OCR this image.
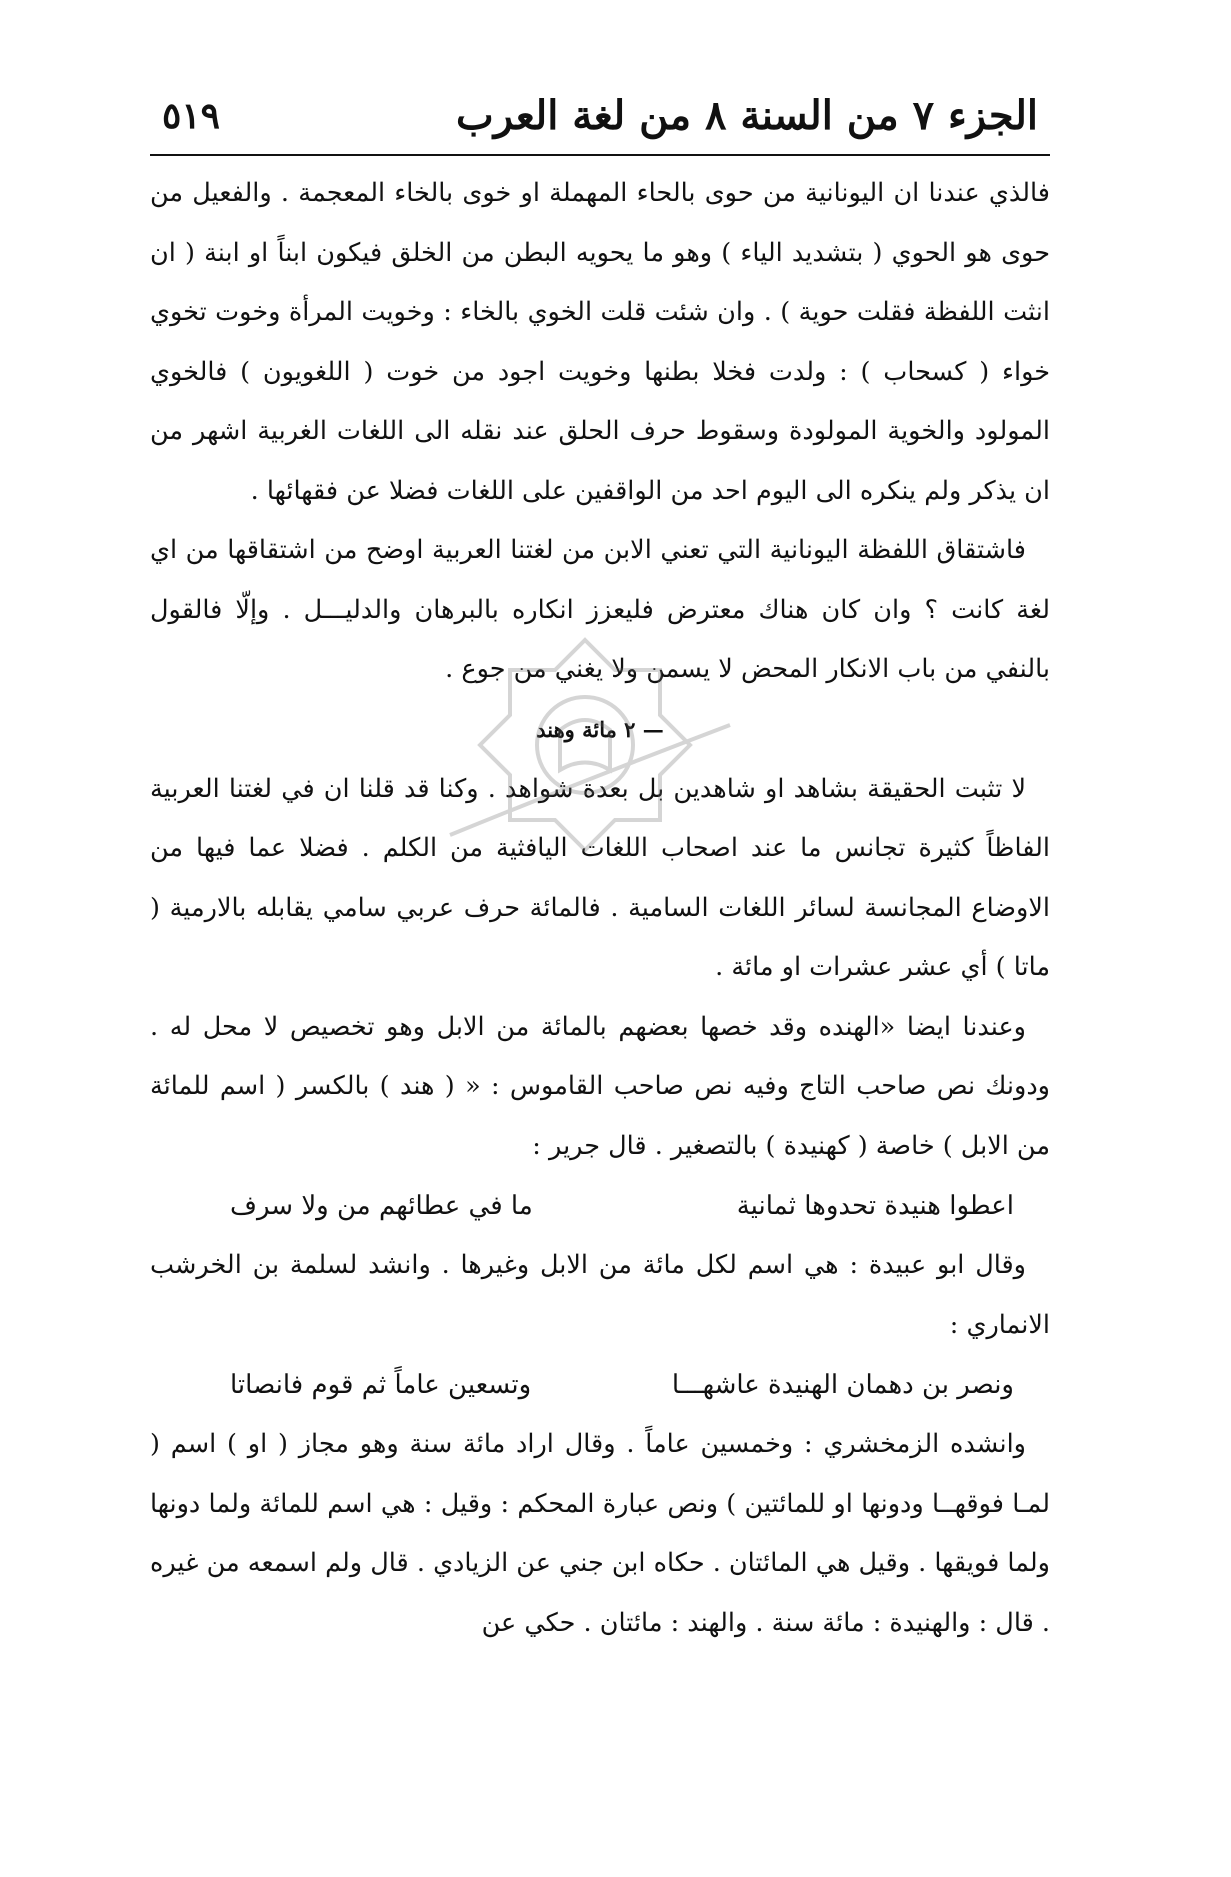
الجزء ٧ من السنة ٨ من لغة العرب
٥١٩

فالذي عندنا ان اليونانية من حوى بالحاء المهملة او خوى بالخاء المعجمة . والفعيل من حوى هو الحوي ( بتشديد الياء ) وهو ما يحويه البطن من الخلق فيكون ابناً او ابنة ( ان انثت اللفظة فقلت حوية ) . وان شئت قلت الخوي بالخاء : وخويت المرأة وخوت تخوي خواء ( كسحاب ) : ولدت فخلا بطنها وخويت اجود من خوت ( اللغويون ) فالخوي المولود والخوية المولودة وسقوط حرف الحلق عند نقله الى اللغات الغربية اشهر من ان يذكر ولم ينكره الى اليوم احد من الواقفين على اللغات فضلا عن فقهائها .

فاشتقاق اللفظة اليونانية التي تعني الابن من لغتنا العربية اوضح من اشتقاقها من اي لغة كانت ؟ وان كان هناك معترض فليعزز انكاره بالبرهان والدليـــل . وإلّا فالقول بالنفي من باب الانكار المحض لا يسمن ولا يغني من جوع .

— ٢ مائة وهند

لا تثبت الحقيقة بشاهد او شاهدين بل بعدة شواهد . وكنا قد قلنا ان في لغتنا العربية الفاظاً كثيرة تجانس ما عند اصحاب اللغات اليافثية من الكلم . فضلا عما فيها من الاوضاع المجانسة لسائر اللغات السامية . فالمائة حرف عربي سامي يقابله بالارمية ( ماتا ) أي عشر عشرات او مائة .

وعندنا ايضا «الهنده وقد خصها بعضهم بالمائة من الابل وهو تخصيص لا محل له . ودونك نص صاحب التاج وفيه نص صاحب القاموس : « ( هند ) بالكسر ( اسم للمائة من الابل ) خاصة ( كهنيدة ) بالتصغير . قال جرير :

اعطوا هنيدة تحدوها ثمانية
ما في عطائهم من ولا سرف

وقال ابو عبيدة : هي اسم لكل مائة من الابل وغيرها . وانشد لسلمة بن الخرشب الانماري :

ونصر بن دهمان الهنيدة عاشهـــا
وتسعين عاماً ثم قوم فانصاتا

وانشده الزمخشري : وخمسين عاماً . وقال اراد مائة سنة وهو مجاز ( او ) اسم ( لمـا فوقهــا ودونها او للمائتين ) ونص عبارة المحكم : وقيل : هي اسم للمائة ولما دونها ولما فويقها . وقيل هي المائتان . حكاه ابن جني عن الزيادي . قال ولم اسمعه من غيره . قال : والهنيدة : مائة سنة . والهند : مائتان . حكي عن
